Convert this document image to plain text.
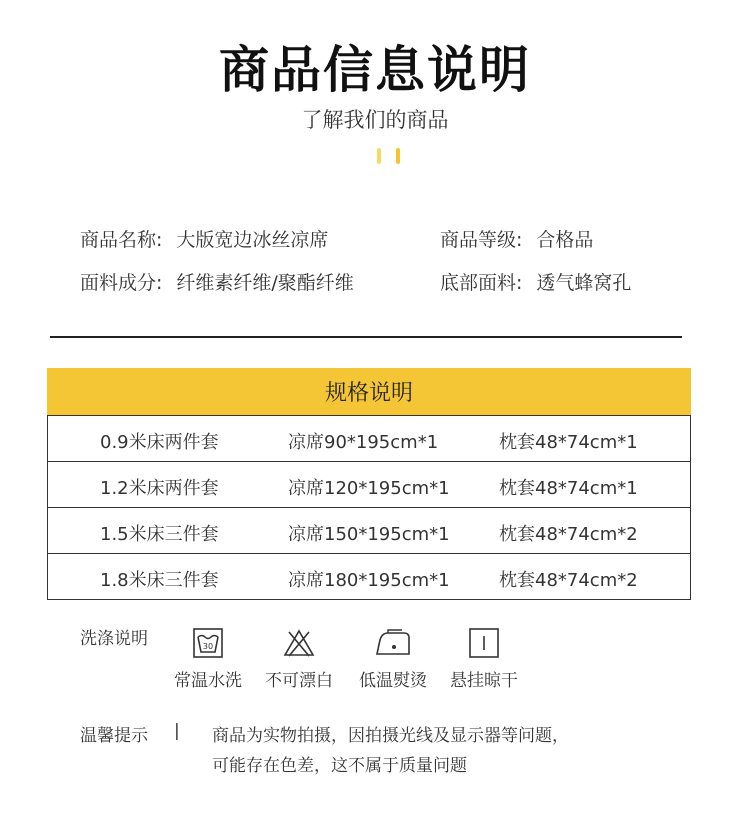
商品信息说明
了解我们的商品
商品名称: 大版宽边冰丝凉席	商品等级: 合格品
面料成分: 纤维素纤维/聚酯纤维	底部面料: 透气蜂窝孔
规格说明
0.9米床两件套	凉席90*195cm*1	枕套48*74cm*1
1.2米床两件套	凉席120*195cm*1	枕套48*74cm*1
1.5米床三件套	凉席150*195cm*1	枕套48*74cm*2
1.8米床三件套	凉席180*195cm*1	枕套48*74cm*2
洗涤说明	30
常温水洗	不可漂白	低温熨烫	悬挂晾干
温馨提示 | 商品为实物拍摄，因拍摄光线及显示器等问题，
可能存在色差，这不属于质量问题
